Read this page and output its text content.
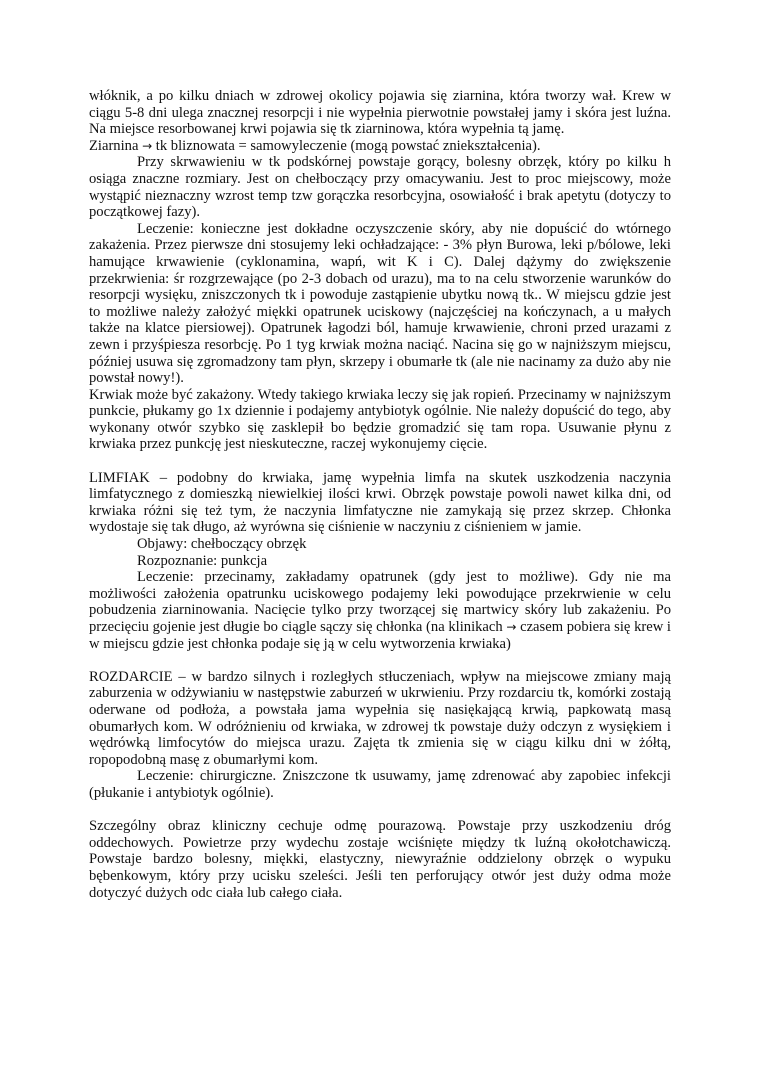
włóknik, a po kilku dniach w zdrowej okolicy pojawia się ziarnina, która tworzy wał. Krew w ciągu 5-8 dni ulega znacznej resorpcji i nie wypełnia pierwotnie powstałej jamy i skóra jest luźna. Na miejsce resorbowanej krwi pojawia się tk ziarninowa, która wypełnia tą jamę.

Ziarnina → tk bliznowata = samowyleczenie (mogą powstać zniekształcenia).

Przy skrwawieniu w tk podskórnej powstaje gorący, bolesny obrzęk, który po kilku h osiąga znaczne rozmiary. Jest on chełboczący przy omacywaniu. Jest to proc miejscowy, może wystąpić nieznaczny wzrost temp tzw gorączka resorbcyjna, osowiałość i brak apetytu (dotyczy to początkowej fazy).

Leczenie: konieczne jest dokładne oczyszczenie skóry, aby nie dopuścić do wtórnego zakażenia. Przez pierwsze dni stosujemy leki ochładzające: - 3% płyn Burowa, leki p/bólowe, leki hamujące krwawienie (cyklonamina, wapń, wit K i C). Dalej dążymy do zwiększenie przekrwienia: śr rozgrzewające (po 2-3 dobach od urazu), ma to na celu stworzenie warunków do resorpcji wysięku, zniszczonych tk i powoduje zastąpienie ubytku nową tk.. W miejscu gdzie jest to możliwe należy założyć miękki opatrunek uciskowy (najczęściej na kończynach, a u małych także na klatce piersiowej). Opatrunek łagodzi ból, hamuje krwawienie, chroni przed urazami z zewn i przyśpiesza resorbcję. Po 1 tyg krwiak można naciąć. Nacina się go w najniższym miejscu, później usuwa się zgromadzony tam płyn, skrzepy i obumarłe tk (ale nie nacinamy za dużo aby nie powstał nowy!).

Krwiak może być zakażony. Wtedy takiego krwiaka leczy się jak ropień. Przecinamy w najniższym punkcie, płukamy go 1x dziennie i podajemy antybiotyk ogólnie. Nie należy dopuścić do tego, aby wykonany otwór szybko się zasklepił bo będzie gromadzić się tam ropa. Usuwanie płynu z krwiaka przez punkcję jest nieskuteczne, raczej wykonujemy cięcie.

LIMFIAK – podobny do krwiaka, jamę wypełnia limfa na skutek uszkodzenia naczynia limfatycznego z domieszką niewielkiej ilości krwi. Obrzęk powstaje powoli nawet kilka dni, od krwiaka różni się też tym, że naczynia limfatyczne nie zamykają się przez skrzep. Chłonka wydostaje się tak długo, aż wyrówna się ciśnienie w naczyniu z ciśnieniem w jamie.

Objawy: chełboczący obrzęk

Rozpoznanie: punkcja

Leczenie: przecinamy, zakładamy opatrunek (gdy jest to możliwe). Gdy nie ma możliwości założenia opatrunku uciskowego podajemy leki powodujące przekrwienie w celu pobudzenia ziarninowania. Nacięcie tylko przy tworzącej się martwicy skóry lub zakażeniu. Po przecięciu gojenie jest długie bo ciągle sączy się chłonka (na klinikach → czasem pobiera się krew i w miejscu gdzie jest chłonka podaje się ją w celu wytworzenia krwiaka)

ROZDARCIE – w bardzo silnych i rozległych stłuczeniach, wpływ na miejscowe zmiany mają zaburzenia w odżywianiu w następstwie zaburzeń w ukrwieniu. Przy rozdarciu tk, komórki zostają oderwane od podłoża, a powstała jama wypełnia się nasiękającą krwią, papkowatą masą obumarłych kom. W odróżnieniu od krwiaka, w zdrowej tk powstaje duży odczyn z wysiękiem i wędrówką limfocytów do miejsca urazu. Zajęta tk zmienia się w ciągu kilku dni w żółtą, ropopodobną masę z obumarłymi kom.

Leczenie: chirurgiczne. Zniszczone tk usuwamy, jamę zdrenować aby zapobiec infekcji (płukanie i antybiotyk ogólnie).

Szczególny obraz kliniczny cechuje odmę pourazową. Powstaje przy uszkodzeniu dróg oddechowych. Powietrze przy wydechu zostaje wciśnięte między tk luźną okołotchawiczą. Powstaje bardzo bolesny, miękki, elastyczny, niewyraźnie oddzielony obrzęk o wypuku bębenkowym, który przy ucisku szeleści. Jeśli ten perforujący otwór jest duży odma może dotyczyć dużych odc ciała lub całego ciała.
